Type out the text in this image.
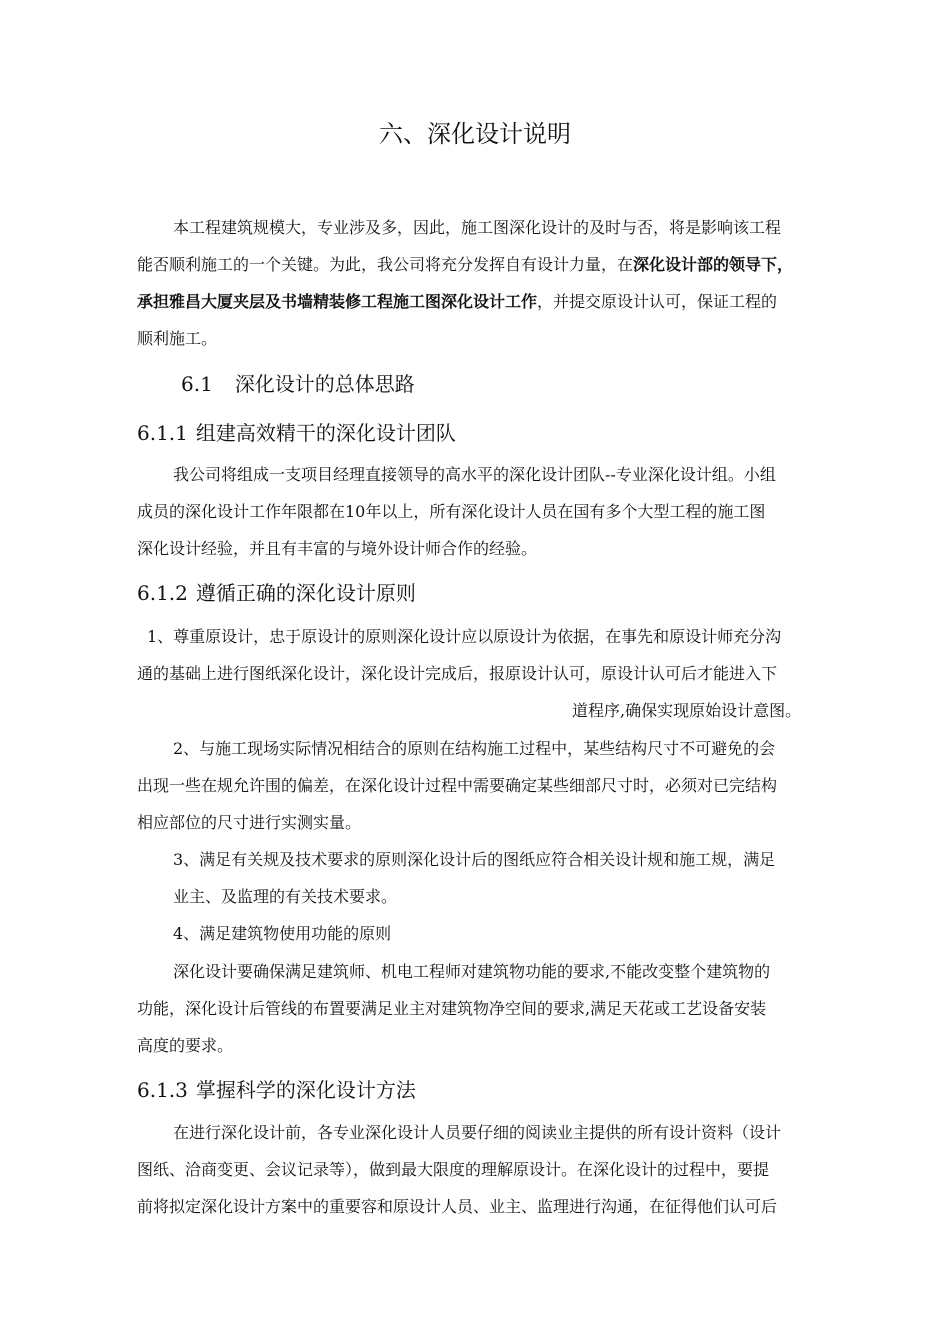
六、深化设计说明
本工程建筑规模大，专业涉及多，因此，施工图深化设计的及时与否，将是影响该工程
能否顺利施工的一个关键。为此，我公司将充分发挥自有设计力量，在深化设计部的领导下，
承担雅昌大厦夹层及书墙精装修工程施工图深化设计工作，并提交原设计认可，保证工程的
顺利施工。
6.1 深化设计的总体思路
6.1.1 组建高效精干的深化设计团队
我公司将组成一支项目经理直接领导的高水平的深化设计团队--专业深化设计组。小组
成员的深化设计工作年限都在10年以上，所有深化设计人员在国有多个大型工程的施工图
深化设计经验，并且有丰富的与境外设计师合作的经验。
6.1.2 遵循正确的深化设计原则
1、尊重原设计，忠于原设计的原则深化设计应以原设计为依据，在事先和原设计师充分沟
通的基础上进行图纸深化设计，深化设计完成后，报原设计认可，原设计认可后才能进入下
道程序,确保实现原始设计意图。
2、与施工现场实际情况相结合的原则在结构施工过程中，某些结构尺寸不可避免的会
出现一些在规允许围的偏差，在深化设计过程中需要确定某些细部尺寸时，必须对已完结构
相应部位的尺寸进行实测实量。
3、满足有关规及技术要求的原则深化设计后的图纸应符合相关设计规和施工规，满足
业主、及监理的有关技术要求。
4、满足建筑物使用功能的原则
深化设计要确保满足建筑师、机电工程师对建筑物功能的要求,不能改变整个建筑物的
功能，深化设计后管线的布置要满足业主对建筑物净空间的要求,满足天花或工艺设备安装
高度的要求。
6.1.3 掌握科学的深化设计方法
在进行深化设计前，各专业深化设计人员要仔细的阅读业主提供的所有设计资料（设计
图纸、洽商变更、会议记录等），做到最大限度的理解原设计。在深化设计的过程中，要提
前将拟定深化设计方案中的重要容和原设计人员、业主、监理进行沟通，在征得他们认可后
